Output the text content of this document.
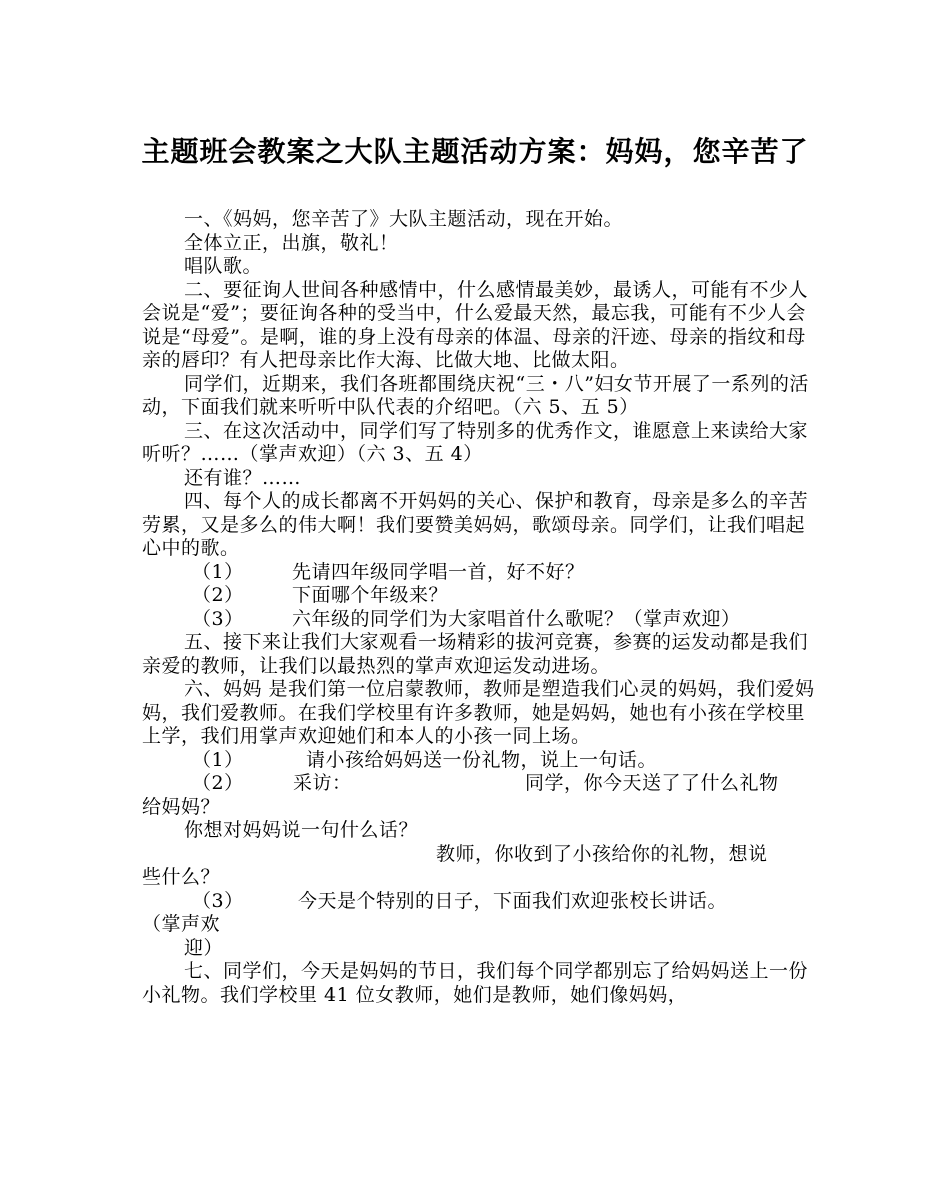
主题班会教案之大队主题活动方案：妈妈，您辛苦了

一、《妈妈，您辛苦了》大队主题活动，现在开始。

全体立正，出旗，敬礼！

唱队歌。

二、要征询人世间各种感情中，什么感情最美妙，最诱人，可能有不少人会说是“爱”；要征询各种的受当中，什么爱最天然，最忘我，可能有不少人会说是“母爱”。是啊，谁的身上没有母亲的体温、母亲的汗迹、母亲的指纹和母亲的唇印？有人把母亲比作大海、比做大地、比做太阳。

同学们，近期来，我们各班都围绕庆祝“三・八”妇女节开展了一系列的活动，下面我们就来听听中队代表的介绍吧。（六 5、五 5）

三、在这次活动中，同学们写了特别多的优秀作文，谁愿意上来读给大家听听？……（掌声欢迎）（六 3、五 4）

还有谁？……

四、每个人的成长都离不开妈妈的关心、保护和教育，母亲是多么的辛苦劳累，又是多么的伟大啊！我们要赞美妈妈，歌颂母亲。同学们，让我们唱起心中的歌。

（1）	先请四年级同学唱一首，好不好？

（2）	下面哪个年级来？

（3）	六年级的同学们为大家唱首什么歌呢？（掌声欢迎）

五、接下来让我们大家观看一场精彩的拔河竞赛，参赛的运发动都是我们亲爱的教师，让我们以最热烈的掌声欢迎运发动进场。

六、妈妈 是我们第一位启蒙教师，教师是塑造我们心灵的妈妈，我们爱妈妈，我们爱教师。在我们学校里有许多教师，她是妈妈，她也有小孩在学校里上学，我们用掌声欢迎她们和本人的小孩一同上场。

（1）	请小孩给妈妈送一份礼物，说上一句话。

（2）	采访：	同学，你今天送了了什么礼物

给妈妈？

你想对妈妈说一句什么话？

教师，你收到了小孩给你的礼物，想说

些什么？

（3）	今天是个特别的日子，下面我们欢迎张校长讲话。

（掌声欢

迎）

七、同学们，今天是妈妈的节日，我们每个同学都别忘了给妈妈送上一份小礼物。我们学校里 41 位女教师，她们是教师，她们像妈妈，
